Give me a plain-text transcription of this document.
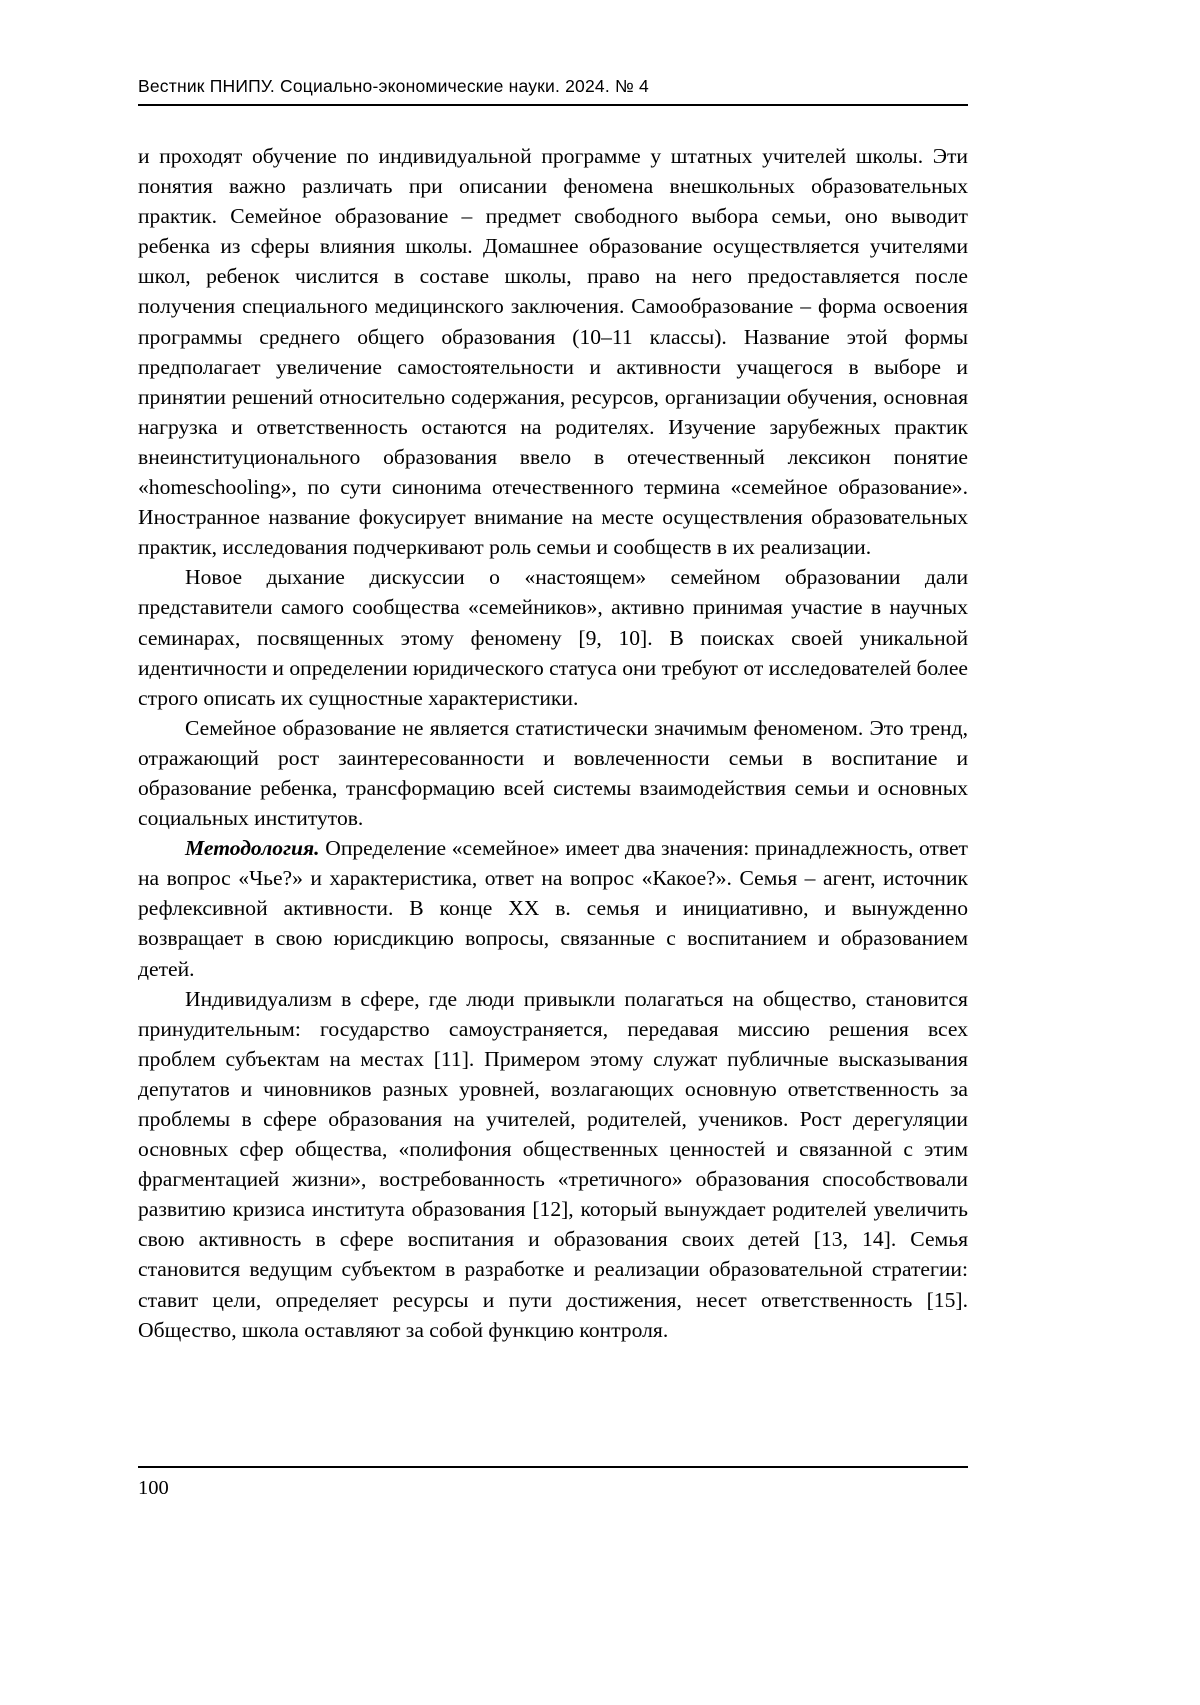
Вестник ПНИПУ. Социально-экономические науки. 2024. № 4

и проходят обучение по индивидуальной программе у штатных учителей школы. Эти понятия важно различать при описании феномена внешкольных образовательных практик. Семейное образование – предмет свободного выбора семьи, оно выводит ребенка из сферы влияния школы. Домашнее образование осуществляется учителями школ, ребенок числится в составе школы, право на него предоставляется после получения специального медицинского заключения. Самообразование – форма освоения программы среднего общего образования (10–11 классы). Название этой формы предполагает увеличение самостоятельности и активности учащегося в выборе и принятии решений относительно содержания, ресурсов, организации обучения, основная нагрузка и ответственность остаются на родителях. Изучение зарубежных практик внеинституционального образования ввело в отечественный лексикон понятие «homeschooling», по сути синонима отечественного термина «семейное образование». Иностранное название фокусирует внимание на месте осуществления образовательных практик, исследования подчеркивают роль семьи и сообществ в их реализации.

Новое дыхание дискуссии о «настоящем» семейном образовании дали представители самого сообщества «семейников», активно принимая участие в научных семинарах, посвященных этому феномену [9, 10]. В поисках своей уникальной идентичности и определении юридического статуса они требуют от исследователей более строго описать их сущностные характеристики.

Семейное образование не является статистически значимым феноменом. Это тренд, отражающий рост заинтересованности и вовлеченности семьи в воспитание и образование ребенка, трансформацию всей системы взаимодействия семьи и основных социальных институтов.

Методология. Определение «семейное» имеет два значения: принадлежность, ответ на вопрос «Чье?» и характеристика, ответ на вопрос «Какое?». Семья – агент, источник рефлексивной активности. В конце XX в. семья и инициативно, и вынужденно возвращает в свою юрисдикцию вопросы, связанные с воспитанием и образованием детей.

Индивидуализм в сфере, где люди привыкли полагаться на общество, становится принудительным: государство самоустраняется, передавая миссию решения всех проблем субъектам на местах [11]. Примером этому служат публичные высказывания депутатов и чиновников разных уровней, возлагающих основную ответственность за проблемы в сфере образования на учителей, родителей, учеников. Рост дерегуляции основных сфер общества, «полифония общественных ценностей и связанной с этим фрагментацией жизни», востребованность «третичного» образования способствовали развитию кризиса института образования [12], который вынуждает родителей увеличить свою активность в сфере воспитания и образования своих детей [13, 14]. Семья становится ведущим субъектом в разработке и реализации образовательной стратегии: ставит цели, определяет ресурсы и пути достижения, несет ответственность [15]. Общество, школа оставляют за собой функцию контроля.

100
